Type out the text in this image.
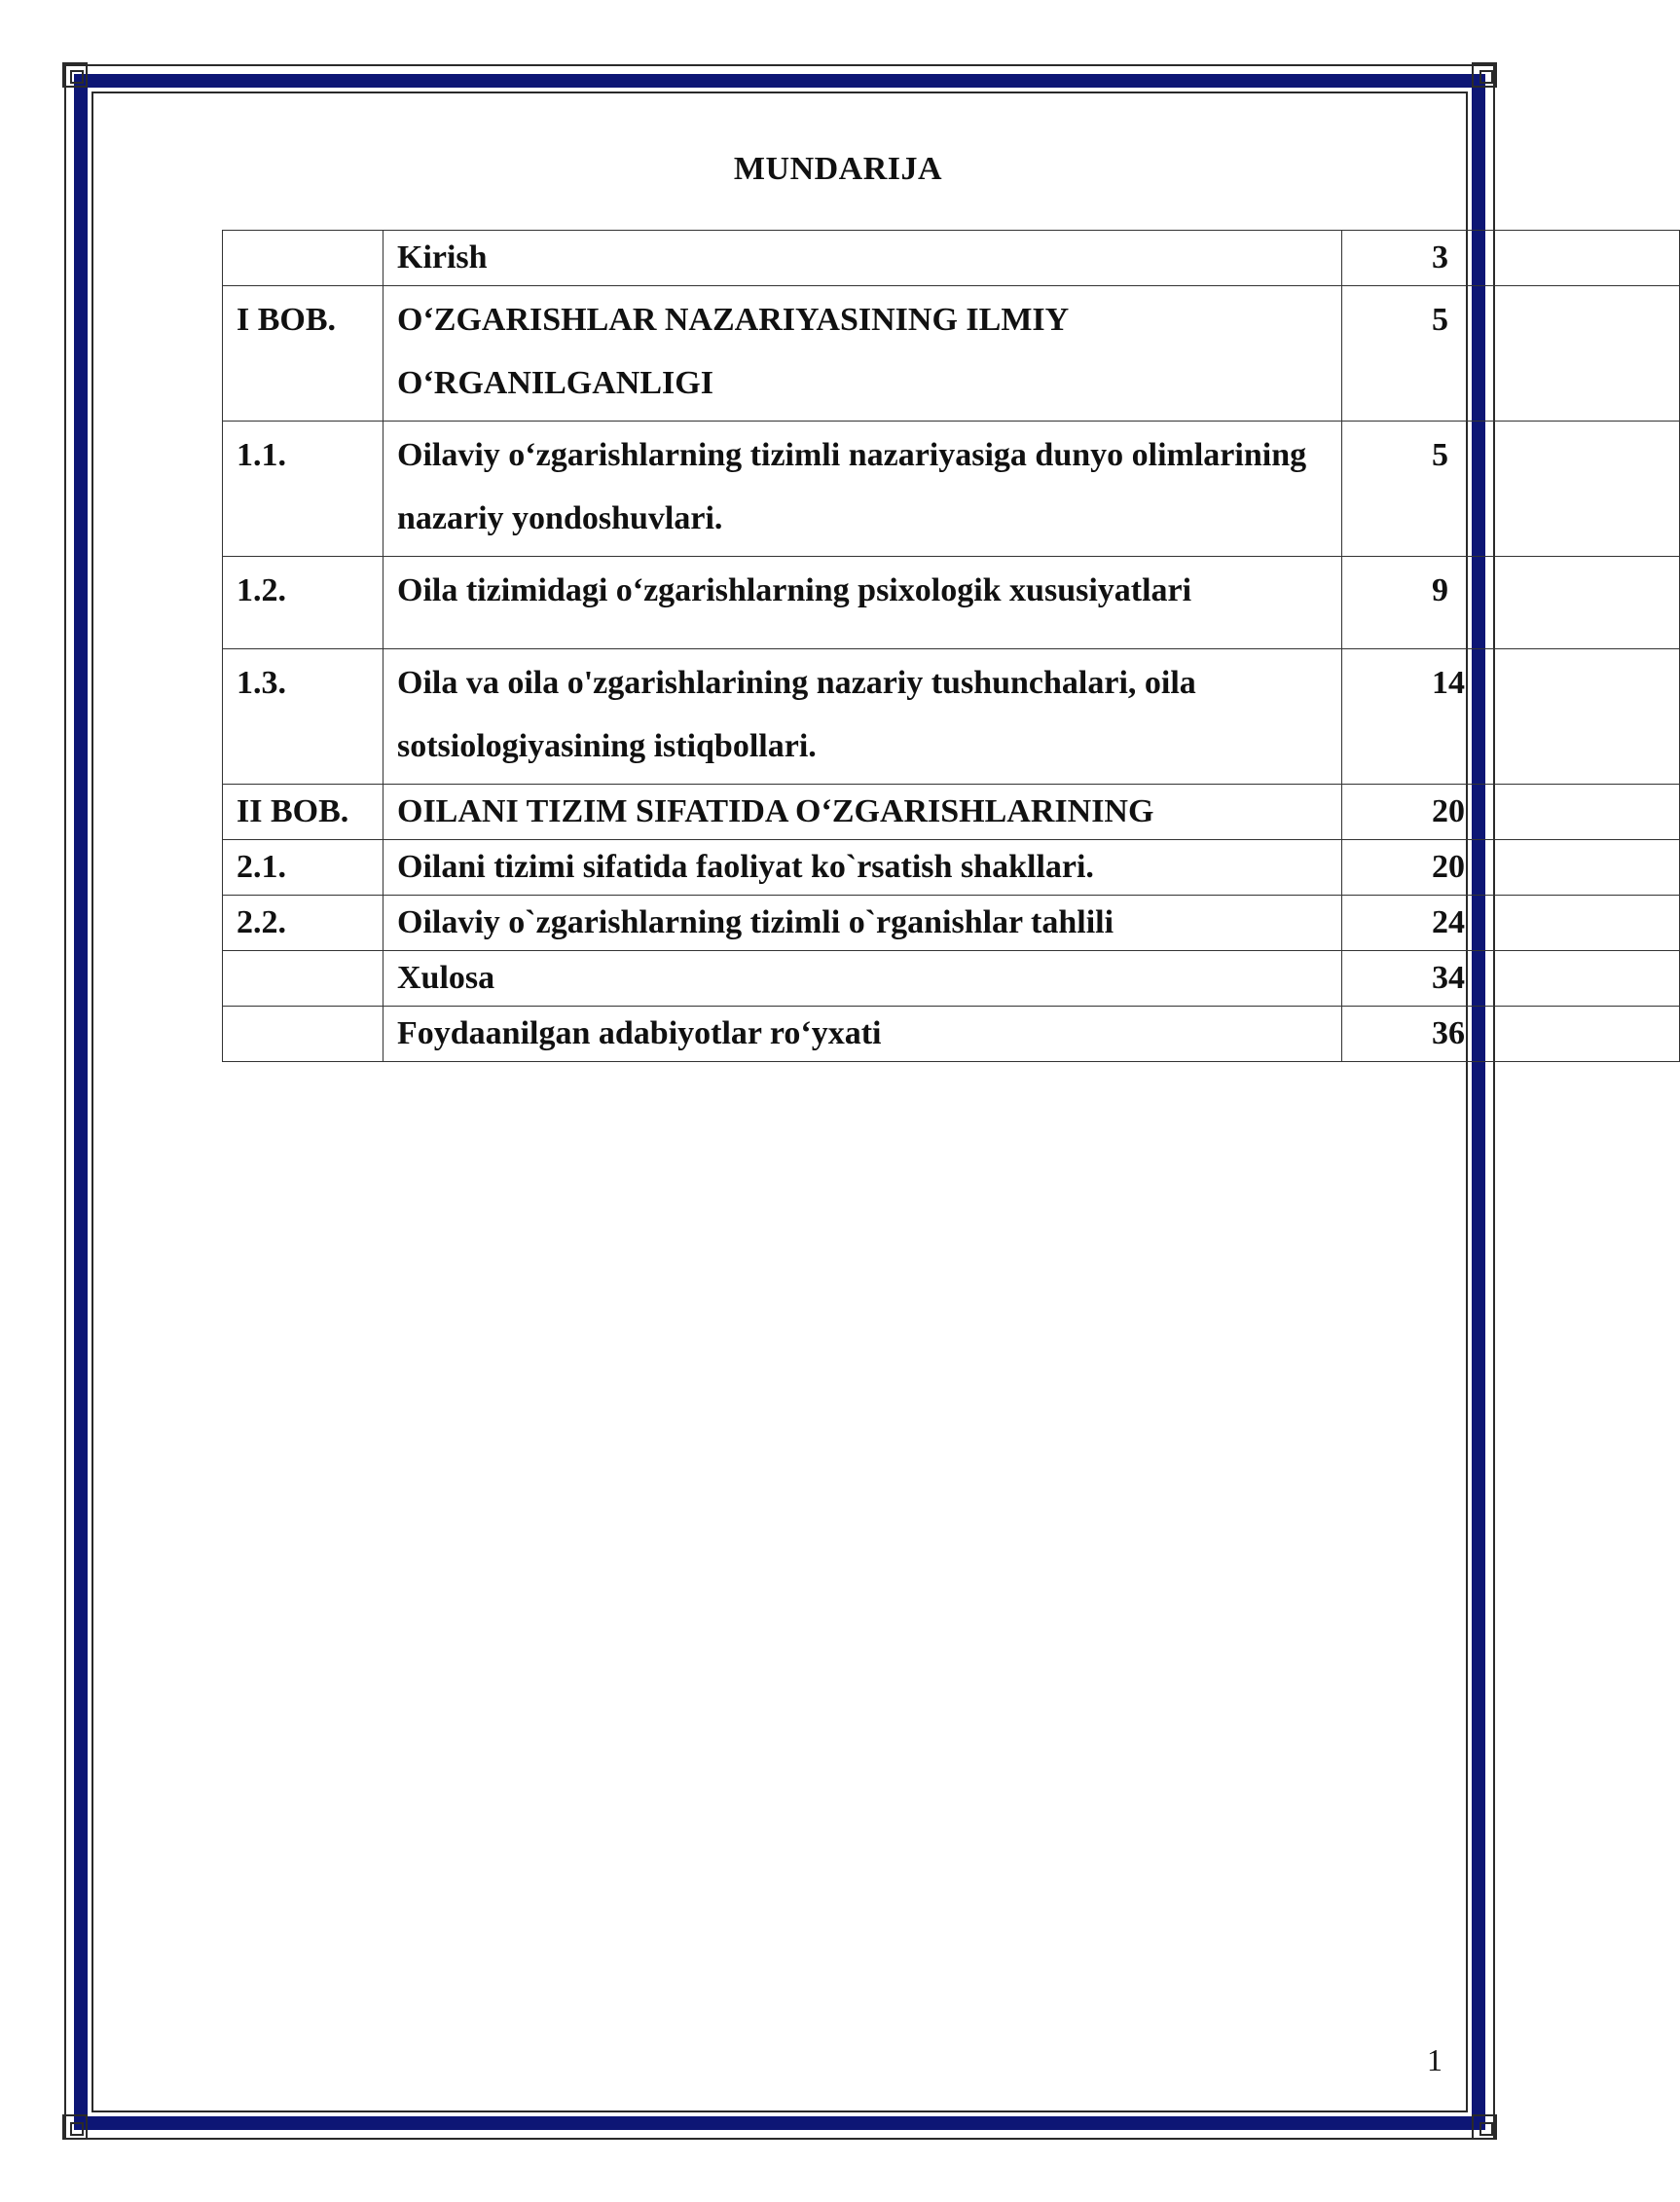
MUNDARIJA
	Kirish	3
I BOB.	O‘ZGARISHLAR NAZARIYASINING ILMIY O‘RGANILGANLIGI	5
1.1.	Oilaviy o‘zgarishlarning tizimli nazariyasiga dunyo olimlarining nazariy yondoshuvlari.	5
1.2.	Oila tizimidagi o‘zgarishlarning psixologik xususiyatlari	9
1.3.	Oila va oila o'zgarishlarining nazariy tushunchalari, oila sotsiologiyasining istiqbollari.	14
II BOB.	OILANI TIZIM SIFATIDA O‘ZGARISHLARINING	20
2.1.	Oilani tizimi sifatida faoliyat ko`rsatish shakllari.	20
2.2.	Oilaviy o`zgarishlarning tizimli o`rganishlar tahlili	24
	Xulosa	34
	Foydaanilgan adabiyotlar ro‘yxati	36
1
